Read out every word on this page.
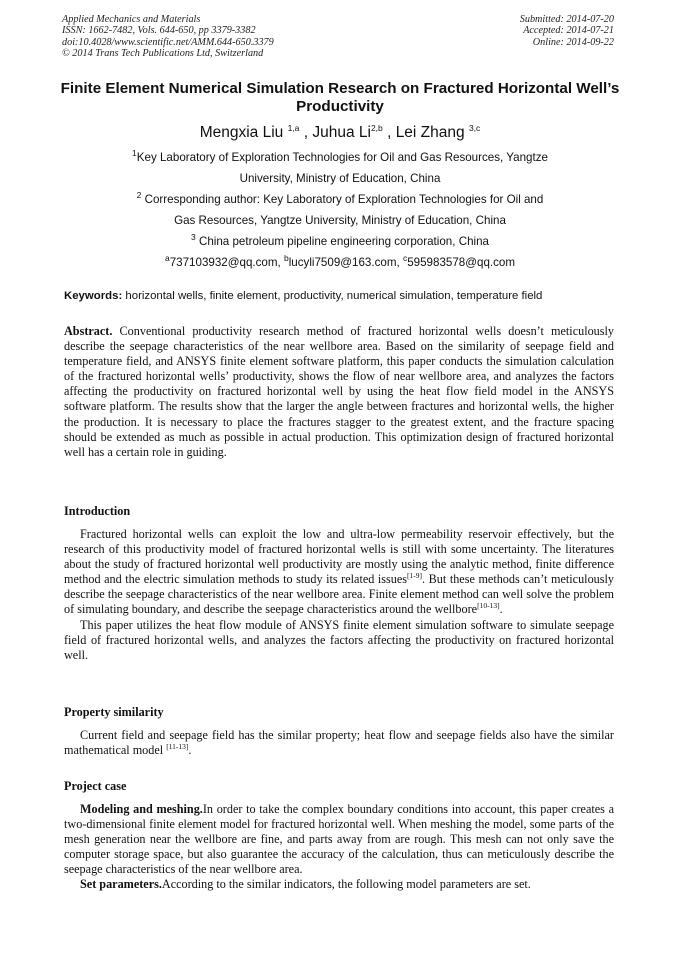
Applied Mechanics and Materials
ISSN: 1662-7482, Vols. 644-650, pp 3379-3382
doi:10.4028/www.scientific.net/AMM.644-650.3379
© 2014 Trans Tech Publications Ltd, Switzerland
Submitted: 2014-07-20
Accepted: 2014-07-21
Online: 2014-09-22
Finite Element Numerical Simulation Research on Fractured Horizontal Well’s Productivity
Mengxia Liu $^{1,a}$ , Juhua Li$^{2,b}$ , Lei Zhang $^{3,c}$
$^1$Key Laboratory of Exploration Technologies for Oil and Gas Resources, Yangtze
University, Ministry of Education, China
$^2$ Corresponding author: Key Laboratory of Exploration Technologies for Oil and
Gas Resources, Yangtze University, Ministry of Education, China
$^3$ China petroleum pipeline engineering corporation, China
$^a$737103932@qq.com, $^b$lucyli7509@163.com, $^c$595983578@qq.com
Keywords: horizontal wells, finite element, productivity, numerical simulation, temperature field

Abstract. Conventional productivity research method of fractured horizontal wells doesn’t meticulously describe the seepage characteristics of the near wellbore area. Based on the similarity of seepage field and temperature field, and ANSYS finite element software platform, this paper conducts the simulation calculation of the fractured horizontal wells’ productivity, shows the flow of near wellbore area, and analyzes the factors affecting the productivity on fractured horizontal well by using the heat flow field model in the ANSYS software platform. The results show that the larger the angle between fractures and horizontal wells, the higher the production. It is necessary to place the fractures stagger to the greatest extent, and the fracture spacing should be extended as much as possible in actual production. This optimization design of fractured horizontal well has a certain role in guiding.

Introduction

Fractured horizontal wells can exploit the low and ultra-low permeability reservoir effectively, but the research of this productivity model of fractured horizontal wells is still with some uncertainty. The literatures about the study of fractured horizontal well productivity are mostly using the analytic method, finite difference method and the electric simulation methods to study its related issues[1-9]. But these methods can’t meticulously describe the seepage characteristics of the near wellbore area. Finite element method can well solve the problem of simulating boundary, and describe the seepage characteristics around the wellbore[10-13].

This paper utilizes the heat flow module of ANSYS finite element simulation software to simulate seepage field of fractured horizontal wells, and analyzes the factors affecting the productivity on fractured horizontal well.

Property similarity

Current field and seepage field has the similar property; heat flow and seepage fields also have the similar mathematical model [11-13].

Project case

Modeling and meshing.In order to take the complex boundary conditions into account, this paper creates a two-dimensional finite element model for fractured horizontal well. When meshing the model, some parts of the mesh generation near the wellbore are fine, and parts away from are rough. This mesh can not only save the computer storage space, but also guarantee the accuracy of the calculation, thus can meticulously describe the seepage characteristics of the near wellbore area.

Set parameters.According to the similar indicators, the following model parameters are set.
